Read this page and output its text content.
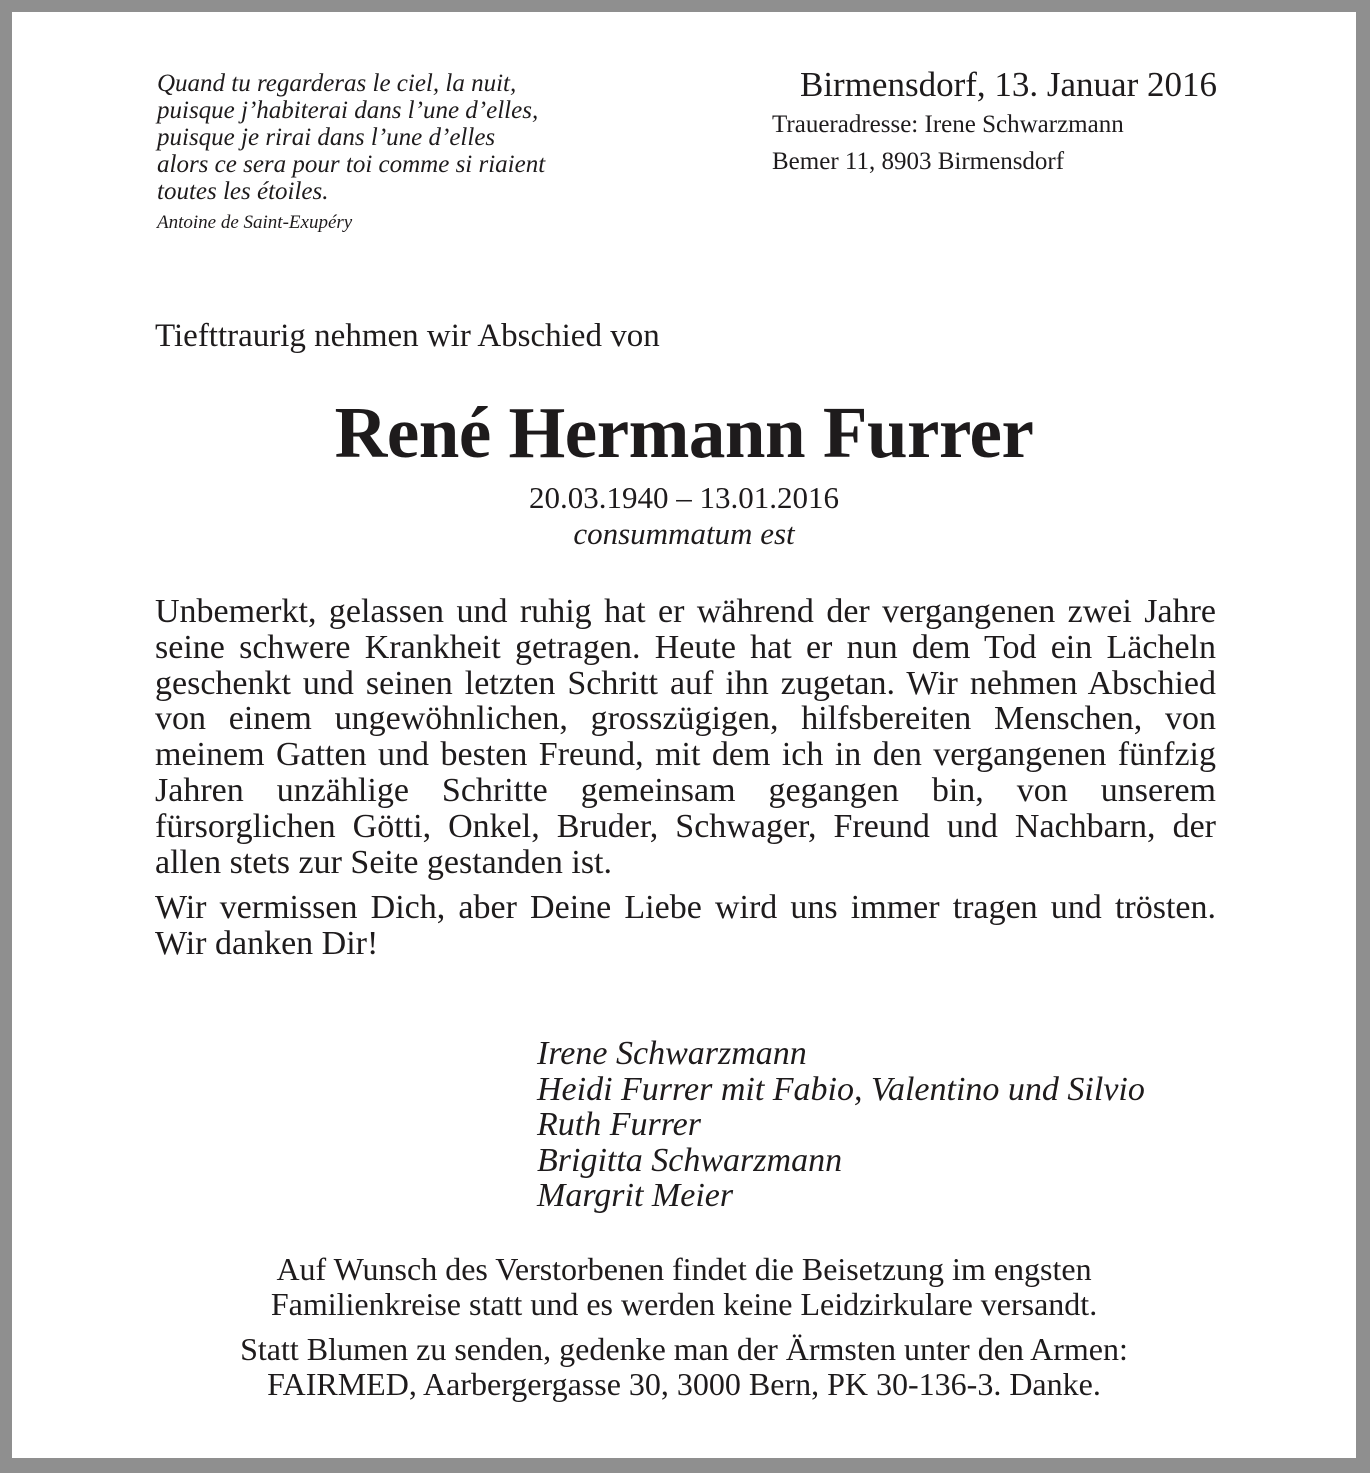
Quand tu regarderas le ciel, la nuit,
puisque j’habiterai dans l’une d’elles,
puisque je rirai dans l’une d’elles
alors ce sera pour toi comme si riaient
toutes les étoiles.
Antoine de Saint-Exupéry
Birmensdorf, 13. Januar 2016
Traueradresse: Irene Schwarzmann
Bemer 11, 8903 Birmensdorf
Tiefttraurig nehmen wir Abschied von
René Hermann Furrer
20.03.1940 – 13.01.2016
consummatum est

Unbemerkt, gelassen und ruhig hat er während der vergangenen zwei Jahre seine schwere Krankheit getragen. Heute hat er nun dem Tod ein Lächeln geschenkt und seinen letzten Schritt auf ihn zugetan. Wir nehmen Abschied von einem ungewöhnlichen, grosszügigen, hilfsbereiten Menschen, von meinem Gatten und besten Freund, mit dem ich in den vergangenen fünfzig Jahren unzählige Schritte gemeinsam gegangen bin, von unserem fürsorglichen Götti, Onkel, Bruder, Schwager, Freund und Nachbarn, der allen stets zur Seite gestanden ist.

Wir vermissen Dich, aber Deine Liebe wird uns immer tragen und trösten. Wir danken Dir!

Irene Schwarzmann
Heidi Furrer mit Fabio, Valentino und Silvio
Ruth Furrer
Brigitta Schwarzmann
Margrit Meier

Auf Wunsch des Verstorbenen findet die Beisetzung im engsten
Familienkreise statt und es werden keine Leidzirkulare versandt.

Statt Blumen zu senden, gedenke man der Ärmsten unter den Armen:
FAIRMED, Aarbergergasse 30, 3000 Bern, PK 30-136-3. Danke.
